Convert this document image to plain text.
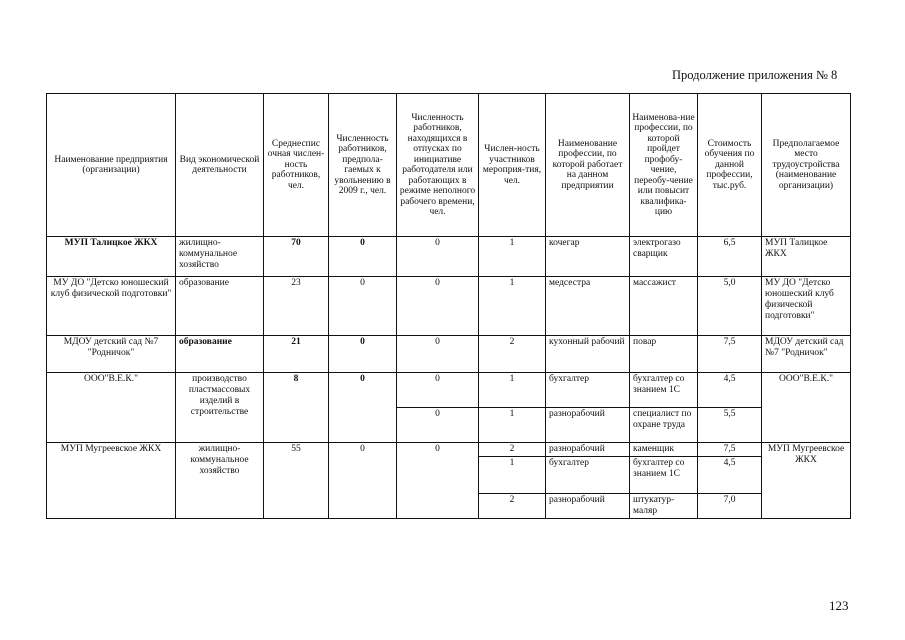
Продолжение приложения № 8
Наименование предприятия (организации)	Вид экономической деятельности	Среднеспис очная числен-ность работников, чел.	Численность работников, предпола-гаемых к увольнению в 2009 г., чел.	Численность работников, находящихся в отпусках по инициативе работодателя или работающих в режиме неполного рабочего времени, чел.	Числен-ность участников мероприя-тия, чел.	Наименование профессии, по которой работает на данном предприятии	Наименова-ние профессии, по которой пройдет профобу-чение, переобу-чение или повысит квалифика-цию	Стоимость обучения по данной профессии, тыс.руб.	Предполагаемое место трудоустройства (наименование организации)
МУП Талицкое ЖКХ	жилищно-коммунальное хозяйство	70	0	0	1	кочегар	электрогазо сварщик	6,5	МУП Талицкое ЖКХ
МУ ДО "Детско юношеский клуб физической подготовки"	образование	23	0	0	1	медсестра	массажист	5,0	МУ ДО "Детско юношеский клуб физической подготовки"
МДОУ детский сад №7 "Родничок"	образование	21	0	0	2	кухонный рабочий	повар	7,5	МДОУ детский сад №7 "Родничок"
ООО"В.Е.К."	производство пластмассовых изделий в строительстве	8	0	0	1	бухгалтер	бухгалтер со знанием 1С	4,5	ООО"В.Е.К."
				0	1	разнорабочий	специалист по охране труда	5,5	
МУП Мугреевское ЖКХ	жилищно-коммунальное хозяйство	55	0	0	2	разнорабочий	каменщик	7,5	МУП Мугреевское ЖКХ
					1	бухгалтер	бухгалтер со знанием 1С	4,5	
					2	разнорабочий	штукатур-маляр	7,0	
123
